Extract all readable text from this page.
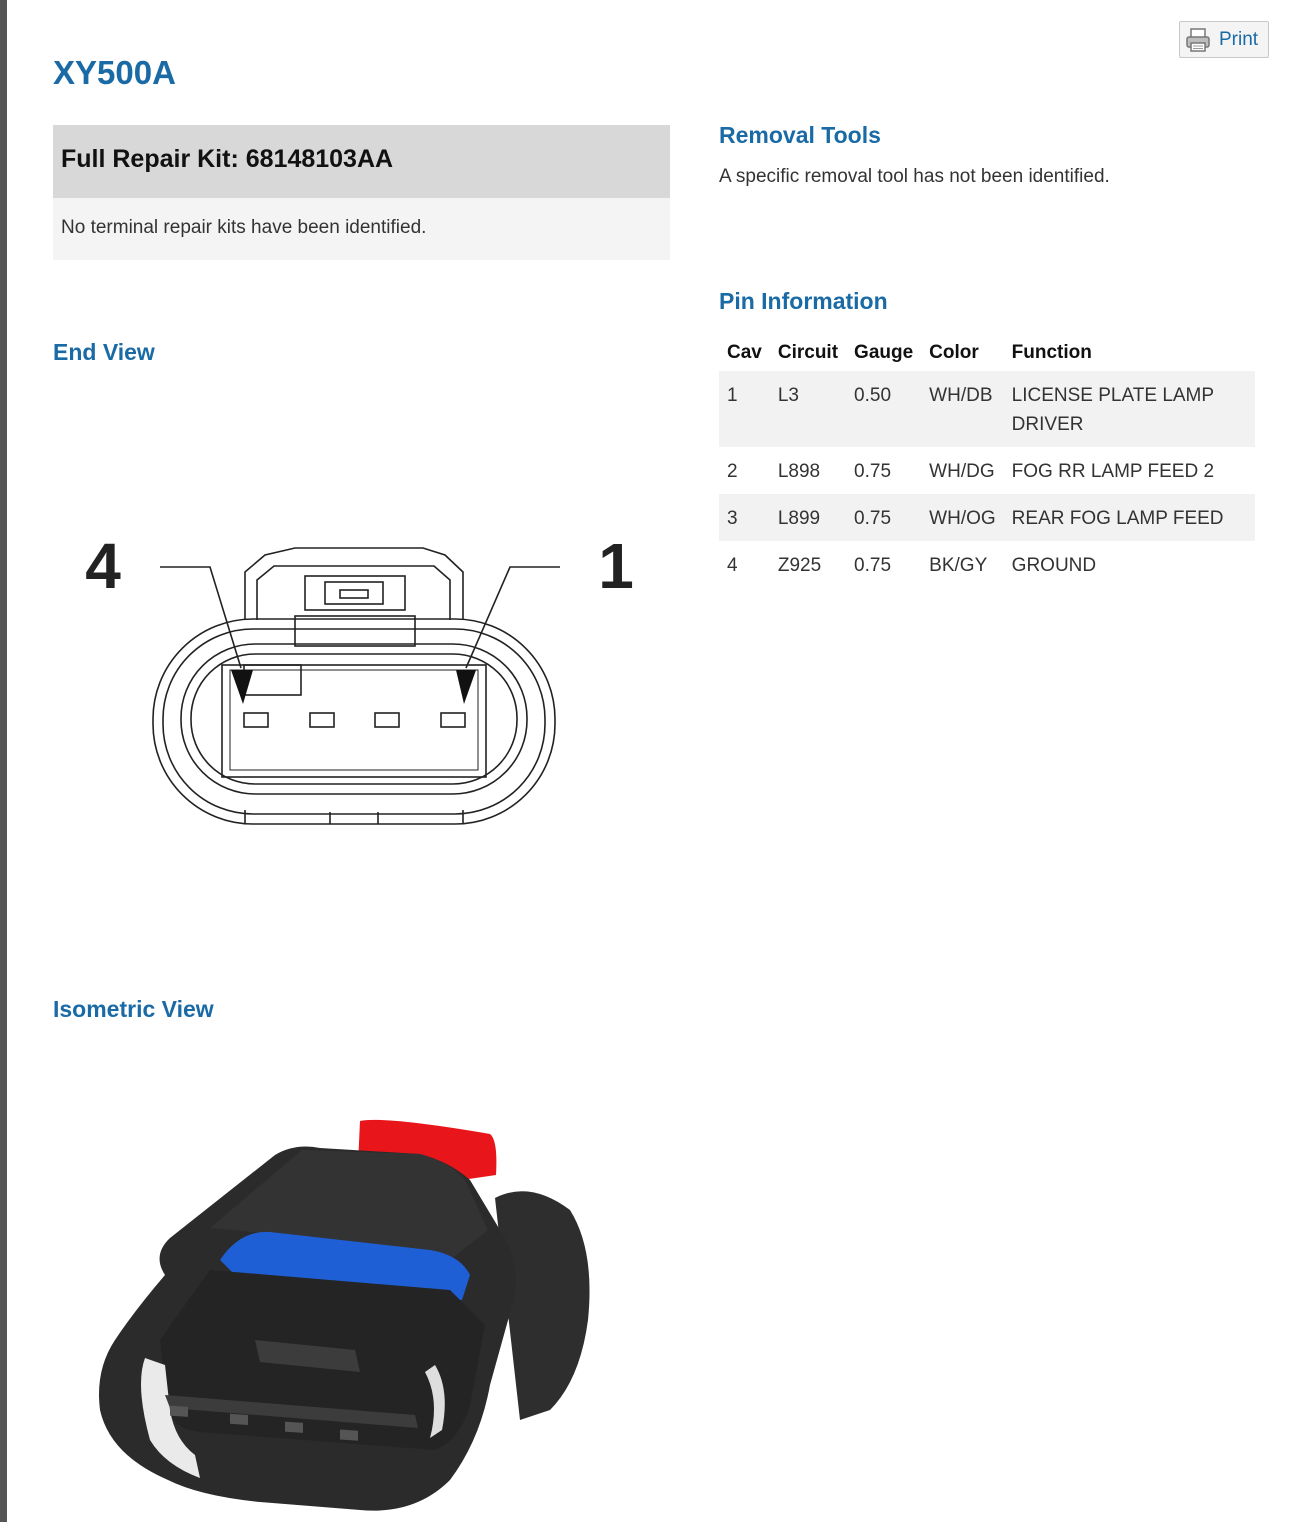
Print
XY500A
Full Repair Kit: 68148103AA
No terminal repair kits have been identified.
Removal Tools
A specific removal tool has not been identified.
Pin Information
Cav	Circuit	Gauge	Color	Function
1	L3	0.50	WH/DB	LICENSE PLATE LAMP DRIVER
2	L898	0.75	WH/DG	FOG RR LAMP FEED 2
3	L899	0.75	WH/OG	REAR FOG LAMP FEED
4	Z925	0.75	BK/GY	GROUND
End View
4	1
Isometric View
